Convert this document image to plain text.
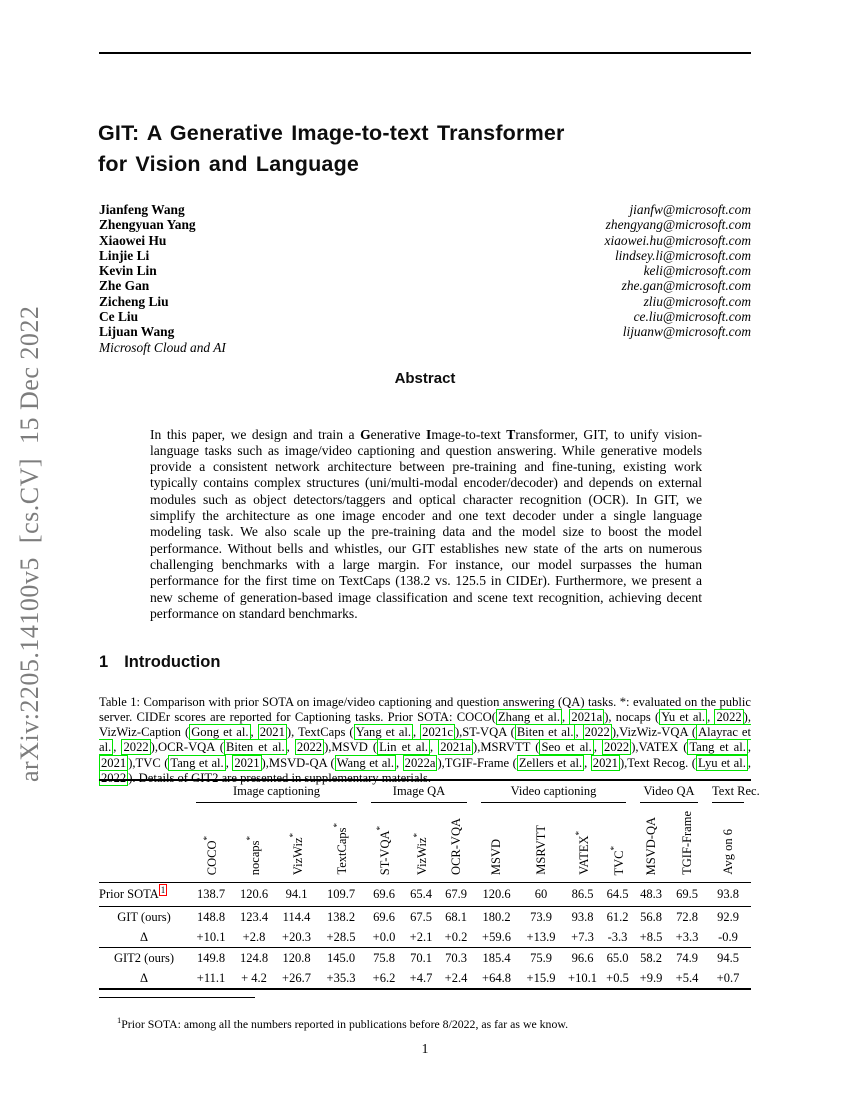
arXiv:2205.14100v5  [cs.CV]  15 Dec 2022
GIT: A Generative Image-to-text Transformer
for Vision and Language
Jianfeng Wang	jianfw@microsoft.com
Zhengyuan Yang	zhengyang@microsoft.com
Xiaowei Hu	xiaowei.hu@microsoft.com
Linjie Li	lindsey.li@microsoft.com
Kevin Lin	keli@microsoft.com
Zhe Gan	zhe.gan@microsoft.com
Zicheng Liu	zliu@microsoft.com
Ce Liu	ce.liu@microsoft.com
Lijuan Wang	lijuanw@microsoft.com
Microsoft Cloud and AI
Abstract

In this paper, we design and train a Generative Image-to-text Transformer, GIT, to unify vision-language tasks such as image/video captioning and question answering. While generative models provide a consistent network architecture between pre-training and fine-tuning, existing work typically contains complex structures (uni/multi-modal encoder/decoder) and depends on external modules such as object detectors/taggers and optical character recognition (OCR). In GIT, we simplify the architecture as one image encoder and one text decoder under a single language modeling task. We also scale up the pre-training data and the model size to boost the model performance. Without bells and whistles, our GIT establishes new state of the arts on numerous challenging benchmarks with a large margin. For instance, our model surpasses the human performance for the first time on TextCaps (138.2 vs. 125.5 in CIDEr). Furthermore, we present a new scheme of generation-based image classification and scene text recognition, achieving decent performance on standard benchmarks.

1 Introduction

Table 1: Comparison with prior SOTA on image/video captioning and question answering (QA) tasks. *: evaluated on the public server. CIDEr scores are reported for Captioning tasks. Prior SOTA: COCO( Zhang et al. , 2021a ), nocaps ( Yu et al. , 2022 ), VizWiz-Caption ( Gong et al. , 2021 ), TextCaps ( Yang et al. , 2021c ),ST-VQA ( Biten et al. , 2022 ),VizWiz-VQA ( Alayrac et al. , 2022 ),OCR-VQA ( Biten et al. , 2022 ),MSVD ( Lin et al. , 2021a ),MSRVTT ( Seo et al. , 2022 ),VATEX ( Tang et al. , 2021 ),TVC ( Tang et al. , 2021 ),MSVD-QA ( Wang et al. , 2022a ),TGIF-Frame ( Zellers et al. , 2021 ),Text Recog. ( Lyu et al. , 2022 ). Details of GIT2 are presented in supplementary materials.

	Image captioning				Image QA			Video captioning				Video QA		Text Rec.

	COCO*	nocaps*	VizWiz*	TextCaps*	ST-VQA*	VizWiz*	OCR-VQA	MSVD	MSRVTT	VATEX*	TVC*	MSVD-QA	TGIF-Frame	Avg on 6
Prior SOTA $^1$	138.7	120.6	94.1	109.7	69.6	65.4	67.9	120.6	60	86.5	64.5	48.3	69.5	93.8
GIT (ours)	148.8	123.4	114.4	138.2	69.6	67.5	68.1	180.2	73.9	93.8	61.2	56.8	72.8	92.9
Δ	+10.1	+2.8	+20.3	+28.5	+0.0	+2.1	+0.2	+59.6	+13.9	+7.3	-3.3	+8.5	+3.3	-0.9
GIT2 (ours)	149.8	124.8	120.8	145.0	75.8	70.1	70.3	185.4	75.9	96.6	65.0	58.2	74.9	94.5
Δ	+11.1	+ 4.2	+26.7	+35.3	+6.2	+4.7	+2.4	+64.8	+15.9	+10.1	+0.5	+9.9	+5.4	+0.7

$^1$Prior SOTA: among all the numbers reported in publications before 8/2022, as far as we know.

1
